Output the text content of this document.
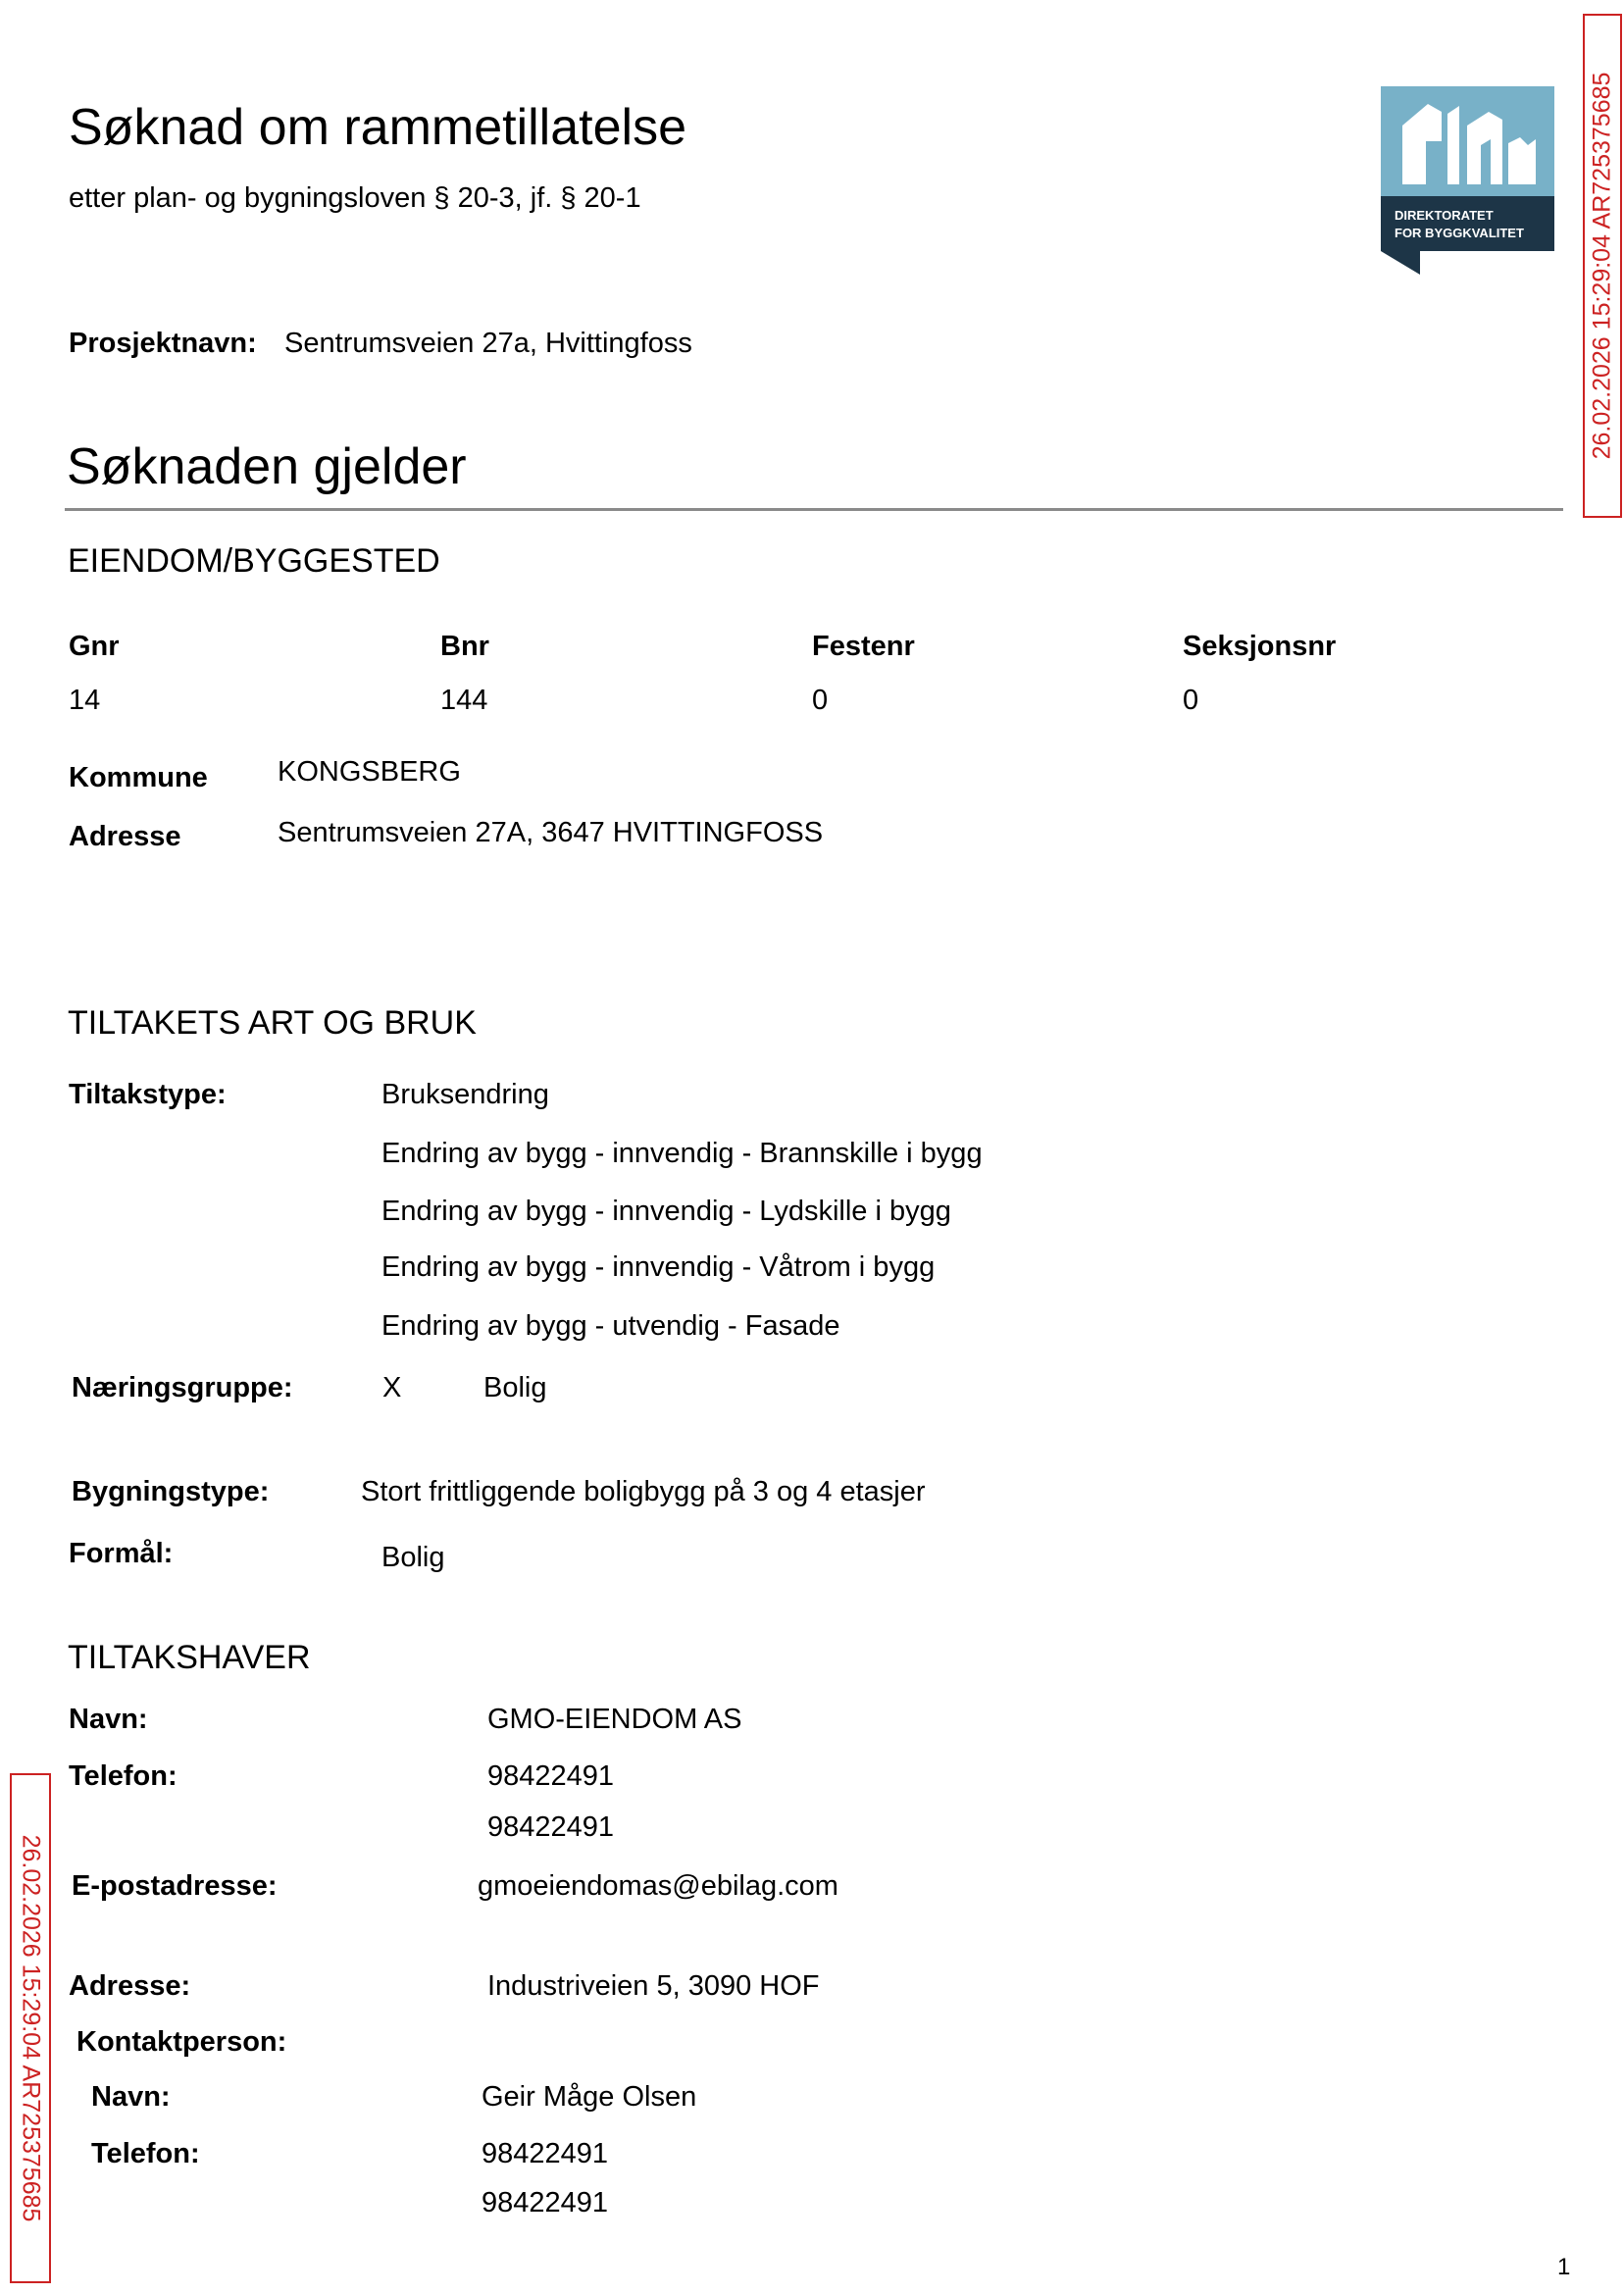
Søknad om rammetillatelse
etter plan- og bygningsloven § 20-3, jf. § 20-1
DIREKTORATET
FOR BYGGKVALITET	26.02.2026 15:29:04 AR725375685
26.02.2026 15:29:04 AR725375685
Prosjektnavn: Sentrumsveien 27a, Hvittingfoss
Søknaden gjelder
EIENDOM/BYGGESTED
Gnr	Bnr	Festenr	Seksjonsnr
14	144	0	0
Kommune KONGSBERG
Adresse	Sentrumsveien 27A, 3647 HVITTINGFOSS
TILTAKETS ART OG BRUK
Tiltakstype:	Bruksendring
Endring av bygg - innvendig - Brannskille i bygg
Endring av bygg - innvendig - Lydskille i bygg
Endring av bygg - innvendig - Våtrom i bygg
Endring av bygg - utvendig - Fasade
Næringsgruppe:	X	Bolig
Bygningstype:	Stort frittliggende boligbygg på 3 og 4 etasjer
Formål:	Bolig
TILTAKSHAVER
Navn:	GMO-EIENDOM AS
Telefon:	98422491
98422491
E-postadresse:	gmoeiendomas@ebilag.com
Adresse:	Industriveien 5, 3090 HOF
Kontaktperson:
Navn:	Geir Måge Olsen
Telefon:	98422491
98422491
1
